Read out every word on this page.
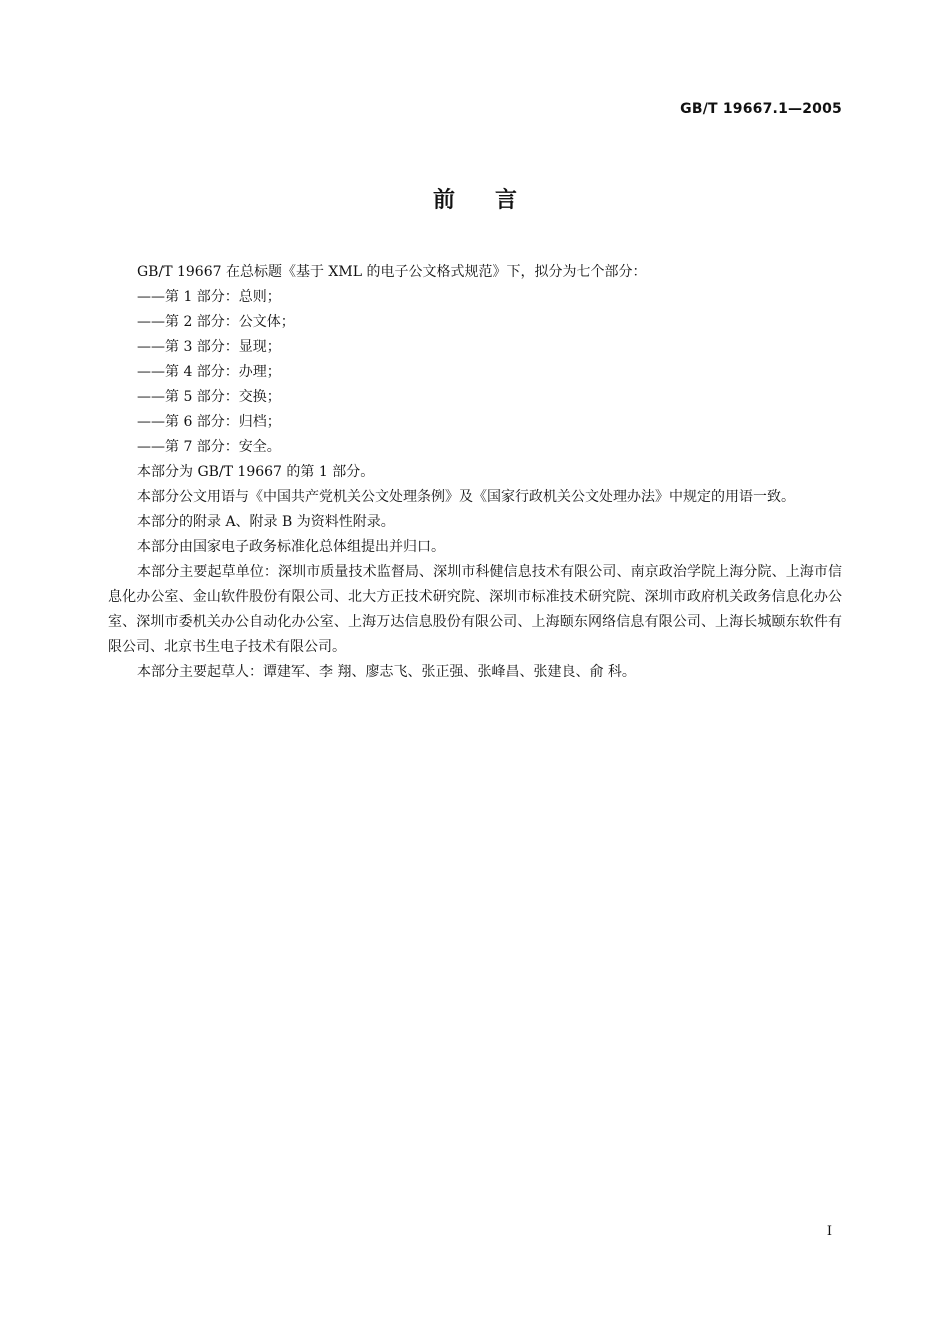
GB/T 19667.1—2005
前言

GB/T 19667 在总标题《基于 XML 的电子公文格式规范》下，拟分为七个部分：

——第 1 部分：总则；
——第 2 部分：公文体；
——第 3 部分：显现；
——第 4 部分：办理；
——第 5 部分：交换；
——第 6 部分：归档；
——第 7 部分：安全。

本部分为 GB/T 19667 的第 1 部分。

本部分公文用语与《中国共产党机关公文处理条例》及《国家行政机关公文处理办法》中规定的用语一致。

本部分的附录 A、附录 B 为资料性附录。

本部分由国家电子政务标准化总体组提出并归口。

本部分主要起草单位：深圳市质量技术监督局、深圳市科健信息技术有限公司、南京政治学院上海分院、上海市信息化办公室、金山软件股份有限公司、北大方正技术研究院、深圳市标准技术研究院、深圳市政府机关政务信息化办公室、深圳市委机关办公自动化办公室、上海万达信息股份有限公司、上海颐东网络信息有限公司、上海长城颐东软件有限公司、北京书生电子技术有限公司。

本部分主要起草人：谭建军、李 翔、廖志飞、张正强、张峰昌、张建良、俞 科。

I
